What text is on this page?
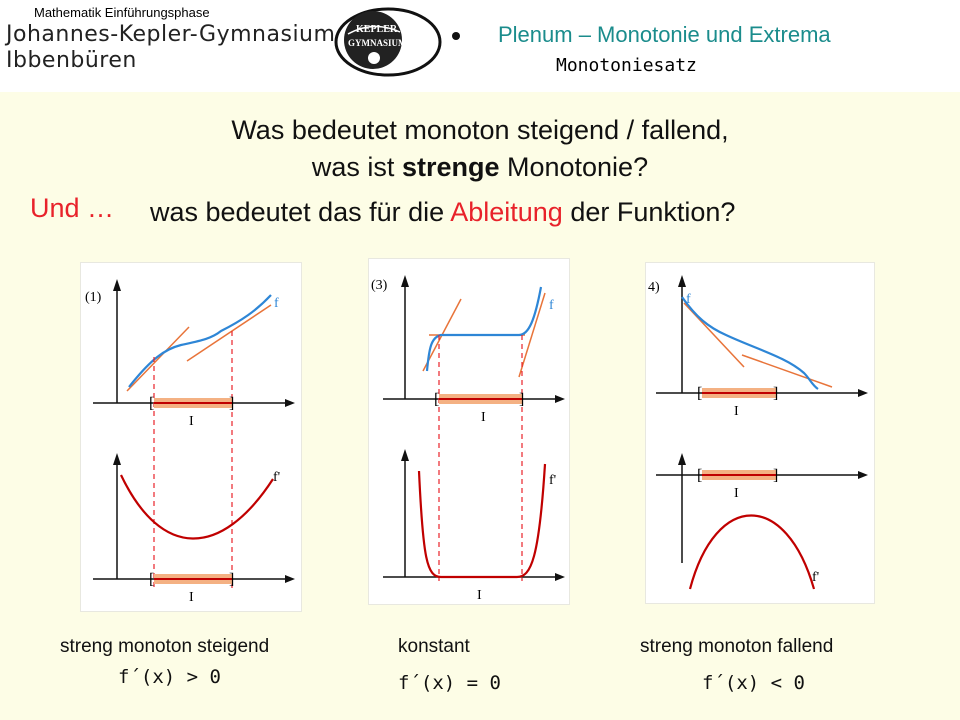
Mathematik Einführungsphase
Johannes-Kepler-Gymnasium
Ibbenbüren
KEPLER
GYMNASIUM	Plenum – Monotonie und Extrema
Monotoniesatz
Was bedeutet monoton steigend / fallend,
was ist strenge Monotonie?
Und … was bedeutet das für die Ableitung der Funktion?
(1)	f
[	]
I
f'
[	]
I
(3)
f
[	]
I
f'
I
4)
f
[	]
I
[	]
I
f'
streng monoton steigend	konstant	streng monoton fallend
f´(x) > 0	f´(x) = 0	f´(x) < 0
